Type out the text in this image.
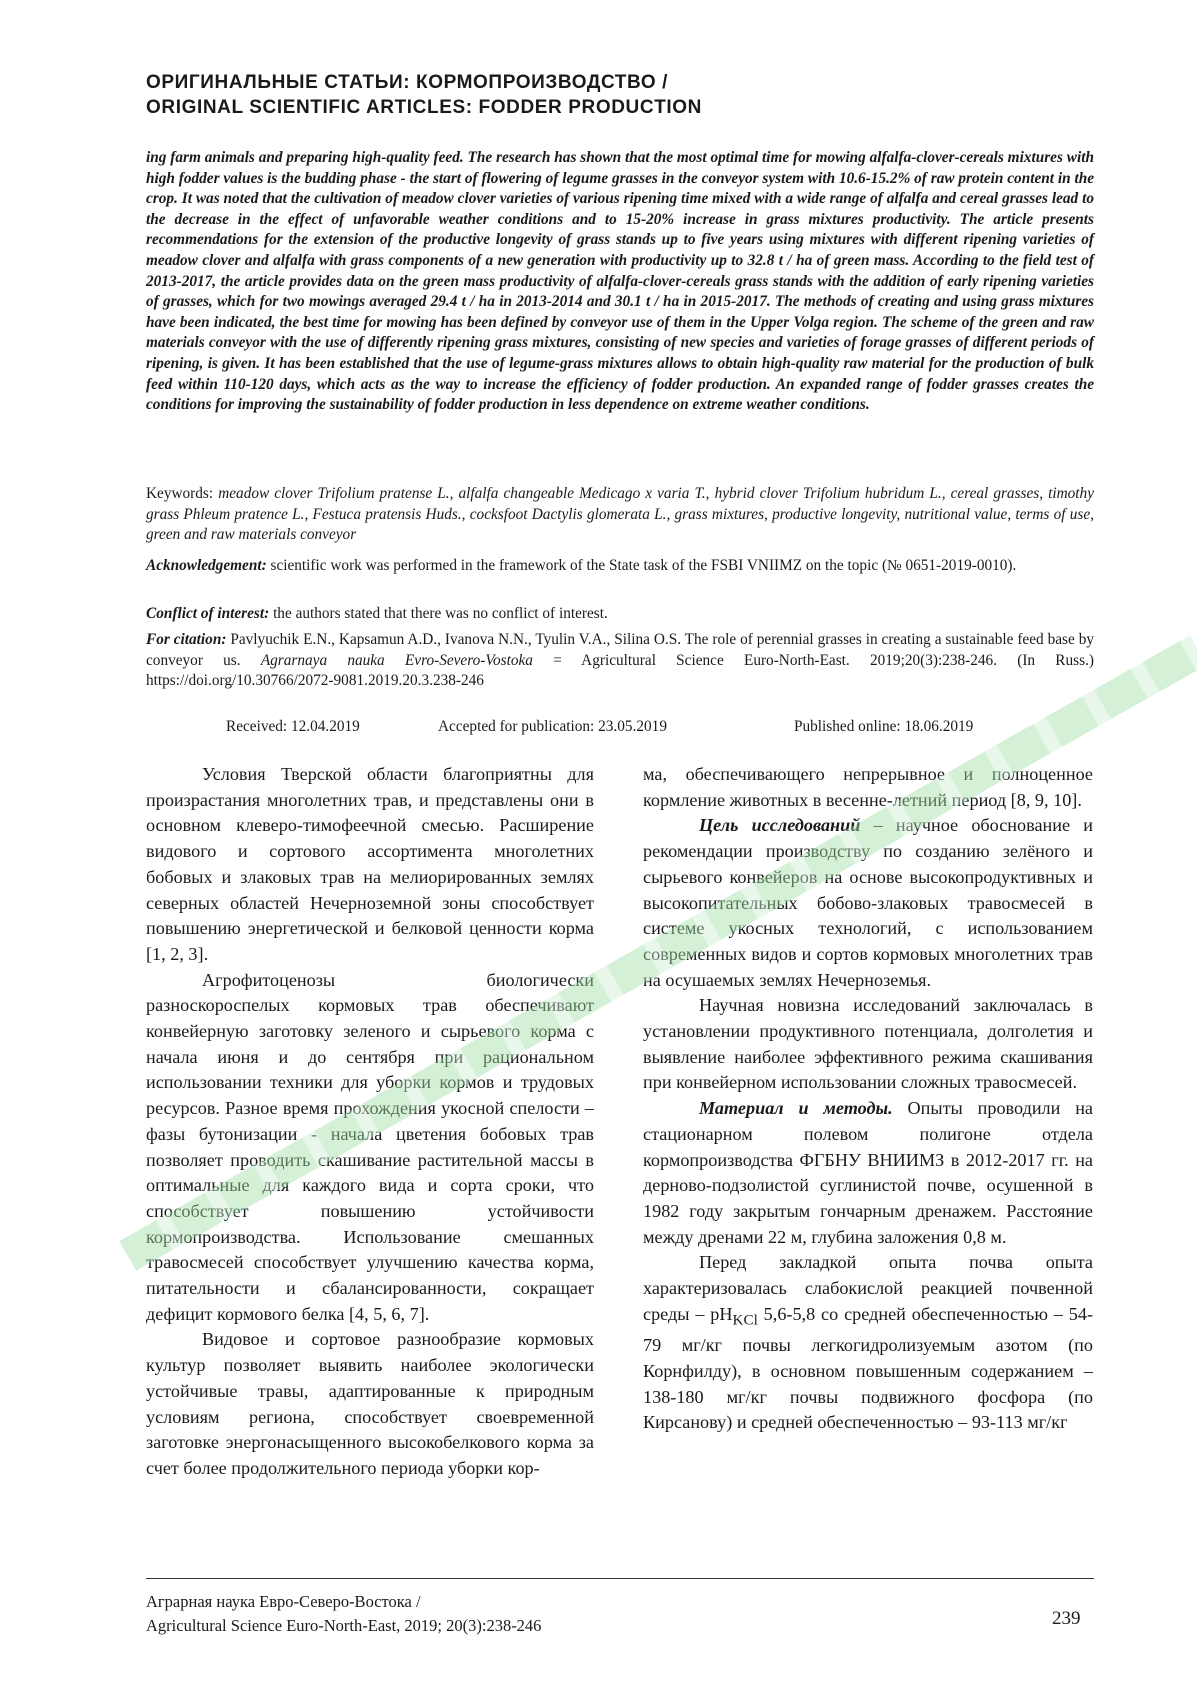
ОРИГИНАЛЬНЫЕ СТАТЬИ: КОРМОПРОИЗВОДСТВО /
ORIGINAL SCIENTIFIC ARTICLES: FODDER PRODUCTION

ing farm animals and preparing high-quality feed. The research has shown that the most optimal time for mowing alfalfa-clover-cereals mixtures with high fodder values is the budding phase - the start of flowering of legume grasses in the conveyor system with 10.6-15.2% of raw protein content in the crop. It was noted that the cultivation of meadow clover varieties of various ripening time mixed with a wide range of alfalfa and cereal grasses lead to the decrease in the effect of unfavorable weather conditions and to 15-20% increase in grass mixtures productivity. The article presents recommendations for the extension of the productive longevity of grass stands up to five years using mixtures with different ripening varieties of meadow clover and alfalfa with grass components of a new generation with productivity up to 32.8 t / ha of green mass. According to the field test of 2013-2017, the article provides data on the green mass productivity of alfalfa-clover-cereals grass stands with the addition of early ripening varieties of grasses, which for two mowings averaged 29.4 t / ha in 2013-2014 and 30.1 t / ha in 2015-2017. The methods of creating and using grass mixtures have been indicated, the best time for mowing has been defined by conveyor use of them in the Upper Volga region. The scheme of the green and raw materials conveyor with the use of differently ripening grass mixtures, consisting of new species and varieties of forage grasses of different periods of ripening, is given. It has been established that the use of legume-grass mixtures allows to obtain high-quality raw material for the production of bulk feed within 110-120 days, which acts as the way to increase the efficiency of fodder production. An expanded range of fodder grasses creates the conditions for improving the sustainability of fodder production in less dependence on extreme weather conditions.

Keywords: meadow clover Trifolium pratense L., alfalfa changeable Medicago x varia T., hybrid clover Trifolium hubridum L., cereal grasses, timothy grass Phleum pratence L., Festuca pratensis Huds., cocksfoot Dactylis glomerata L., grass mixtures, productive longevity, nutritional value, terms of use, green and raw materials conveyor

Acknowledgement: scientific work was performed in the framework of the State task of the FSBI VNIIMZ on the topic (№ 0651-2019-0010).

Conflict of interest: the authors stated that there was no conflict of interest.

For citation: Pavlyuchik E.N., Kapsamun A.D., Ivanova N.N., Tyulin V.A., Silina O.S. The role of perennial grasses in creating a sustainable feed base by conveyor us. Agrarnaya nauka Evro-Severo-Vostoka = Agricultural Science Euro-North-East. 2019;20(3):238-246. (In Russ.) https://doi.org/10.30766/2072-9081.2019.20.3.238-246

Received: 12.04.2019	Accepted for publication: 23.05.2019	Published online: 18.06.2019

Условия Тверской области благоприятны для произрастания многолетних трав, и представлены они в основном клеверо-тимофеечной смесью. Расширение видового и сортового ассортимента многолетних бобовых и злаковых трав на мелиорированных землях северных областей Нечерноземной зоны способствует повышению энергетической и белковой ценности корма [1, 2, 3].

Агрофитоценозы биологически разноскороспелых кормовых трав обеспечивают конвейерную заготовку зеленого и сырьевого корма с начала июня и до сентября при рациональном использовании техники для уборки кормов и трудовых ресурсов. Разное время прохождения укосной спелости – фазы бутонизации - начала цветения бобовых трав позволяет проводить скашивание растительной массы в оптимальные для каждого вида и сорта сроки, что способствует повышению устойчивости кормопроизводства. Использование смешанных травосмесей способствует улучшению качества корма, питательности и сбалансированности, сокращает дефицит кормового белка [4, 5, 6, 7].

Видовое и сортовое разнообразие кормовых культур позволяет выявить наиболее экологически устойчивые травы, адаптированные к природным условиям региона, способствует своевременной заготовке энергонасыщенного высокобелкового корма за счет более продолжительного периода уборки кор-

ма, обеспечивающего непрерывное и полноценное кормление животных в весенне-летний период [8, 9, 10].

Цель исследований – научное обоснование и рекомендации производству по созданию зелёного и сырьевого конвейеров на основе высокопродуктивных и высокопитательных бобово-злаковых травосмесей в системе укосных технологий, с использованием современных видов и сортов кормовых многолетних трав на осушаемых землях Нечерноземья.

Научная новизна исследований заключалась в установлении продуктивного потенциала, долголетия и выявление наиболее эффективного режима скашивания при конвейерном использовании сложных травосмесей.

Материал и методы. Опыты проводили на стационарном полевом полигоне отдела кормопроизводства ФГБНУ ВНИИМЗ в 2012-2017 гг. на дерново-подзолистой суглинистой почве, осушенной в 1982 году закрытым гончарным дренажем. Расстояние между дренами 22 м, глубина заложения 0,8 м.

Перед закладкой опыта почва опыта характеризовалась слабокислой реакцией почвенной среды – $pH_{KCl}$ 5,6-5,8 со средней обеспеченностью – 54-79 мг/кг почвы легкогидролизуемым азотом (по Корнфилду), в основном повышенным содержанием – 138-180 мг/кг почвы подвижного фосфора (по Кирсанову) и средней обеспеченностью – 93-113 мг/кг

Аграрная наука Евро-Северо-Востока /
Agricultural Science Euro-North-East, 2019; 20(3):238-246	239
